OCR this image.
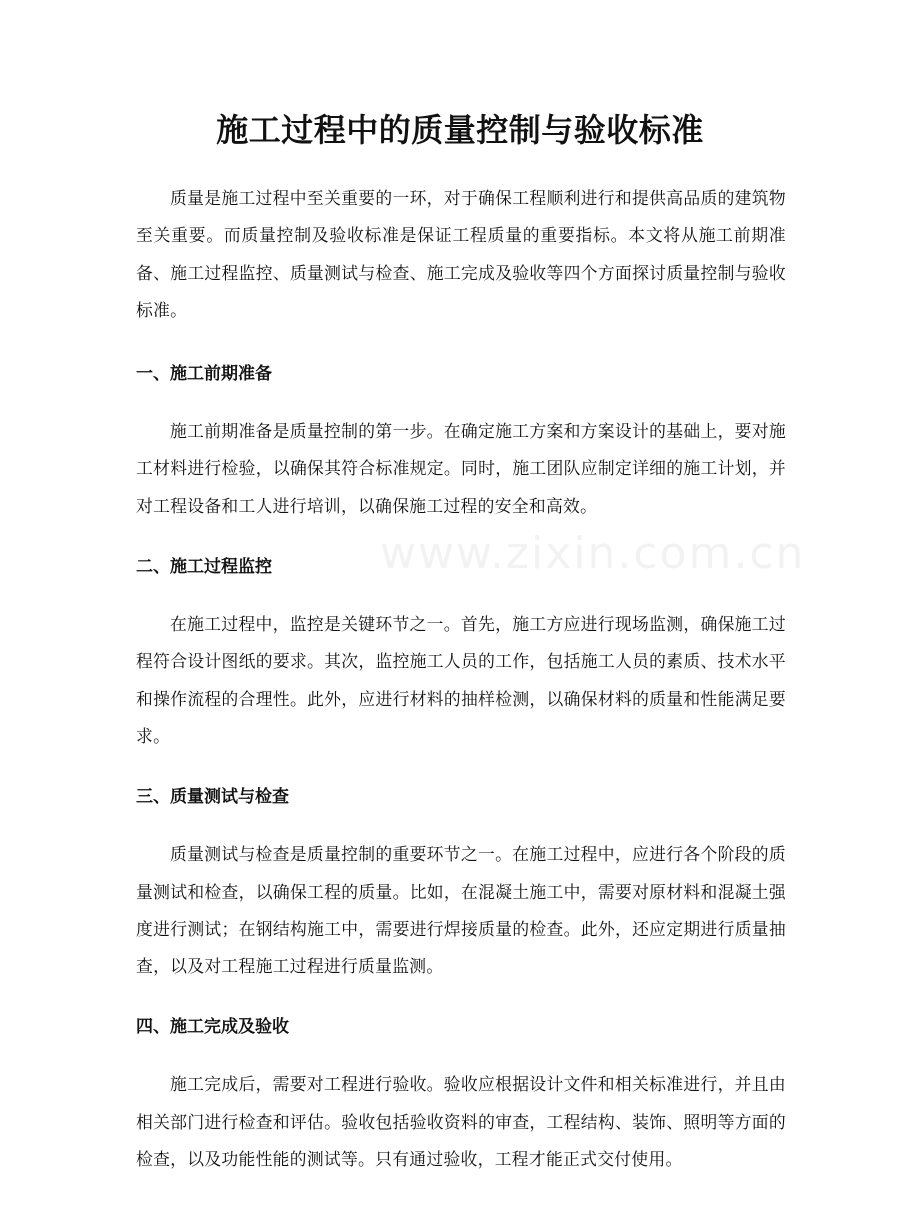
施工过程中的质量控制与验收标准

质量是施工过程中至关重要的一环，对于确保工程顺利进行和提供高品质的建筑物至关重要。而质量控制及验收标准是保证工程质量的重要指标。本文将从施工前期准备、施工过程监控、质量测试与检查、施工完成及验收等四个方面探讨质量控制与验收标准。

一、施工前期准备

施工前期准备是质量控制的第一步。在确定施工方案和方案设计的基础上，要对施工材料进行检验，以确保其符合标准规定。同时，施工团队应制定详细的施工计划，并对工程设备和工人进行培训，以确保施工过程的安全和高效。

二、施工过程监控

在施工过程中，监控是关键环节之一。首先，施工方应进行现场监测，确保施工过程符合设计图纸的要求。其次，监控施工人员的工作，包括施工人员的素质、技术水平和操作流程的合理性。此外，应进行材料的抽样检测，以确保材料的质量和性能满足要求。

三、质量测试与检查

质量测试与检查是质量控制的重要环节之一。在施工过程中，应进行各个阶段的质量测试和检查，以确保工程的质量。比如，在混凝土施工中，需要对原材料和混凝土强度进行测试；在钢结构施工中，需要进行焊接质量的检查。此外，还应定期进行质量抽查，以及对工程施工过程进行质量监测。

四、施工完成及验收

施工完成后，需要对工程进行验收。验收应根据设计文件和相关标准进行，并且由相关部门进行检查和评估。验收包括验收资料的审查，工程结构、装饰、照明等方面的检查，以及功能性能的测试等。只有通过验收，工程才能正式交付使用。

www.zixin.com.cn
